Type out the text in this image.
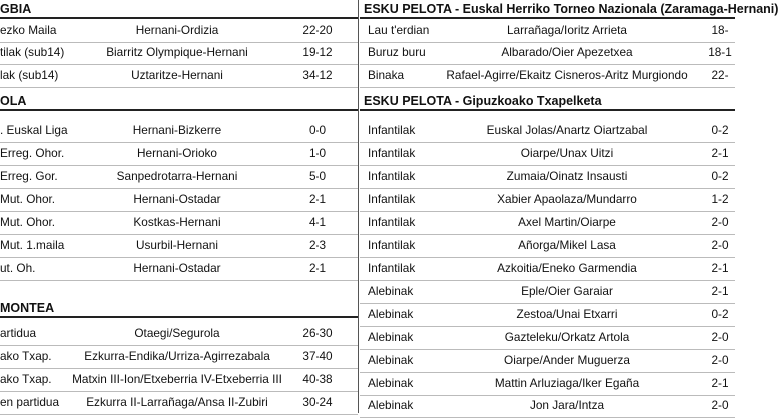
GBIA
ezko Maila	Hernani-Ordizia	22-20
tilak (sub14)	Biarritz Olympique-Hernani	19-12
lak (sub14)	Uztaritze-Hernani	34-12
OLA
. Euskal Liga	Hernani-Bizkerre	0-0
Erreg. Ohor.	Hernani-Orioko	1-0
Erreg. Gor.	Sanpedrotarra-Hernani	5-0
Mut. Ohor.	Hernani-Ostadar	2-1
Mut. Ohor.	Kostkas-Hernani	4-1
Mut. 1.maila	Usurbil-Hernani	2-3
ut. Oh.	Hernani-Ostadar	2-1
MONTEA
artidua	Otaegi/Segurola	26-30
ako Txap.	Ezkurra-Endika/Urriza-Agirrezabala	37-40
ako Txap.	Matxin III-Ion/Etxeberria IV-Etxeberria III	40-38
en partidua	Ezkurra II-Larrañaga/Ansa II-Zubiri	30-24
ESKU PELOTA - Euskal Herriko Torneo Nazionala (Zaramaga-Hernani)
Lau t'erdian	Larrañaga/Ioritz Arrieta	18-
Buruz buru	Albarado/Oier Apezetxea	18-1
Binaka	Rafael-Agirre/Ekaitz Cisneros-Aritz Murgiondo	22-
ESKU PELOTA - Gipuzkoako Txapelketa
Infantilak	Euskal Jolas/Anartz Oiartzabal	0-2
Infantilak	Oiarpe/Unax Uitzi	2-1
Infantilak	Zumaia/Oinatz Insausti	0-2
Infantilak	Xabier Apaolaza/Mundarro	1-2
Infantilak	Axel Martin/Oiarpe	2-0
Infantilak	Añorga/Mikel Lasa	2-0
Infantilak	Azkoitia/Eneko Garmendia	2-1
Alebinak	Eple/Oier Garaiar	2-1
Alebinak	Zestoa/Unai Etxarri	0-2
Alebinak	Gazteleku/Orkatz Artola	2-0
Alebinak	Oiarpe/Ander Muguerza	2-0
Alebinak	Mattin Arluziaga/Iker Egaña	2-1
Alebinak	Jon Jara/Intza	2-0
